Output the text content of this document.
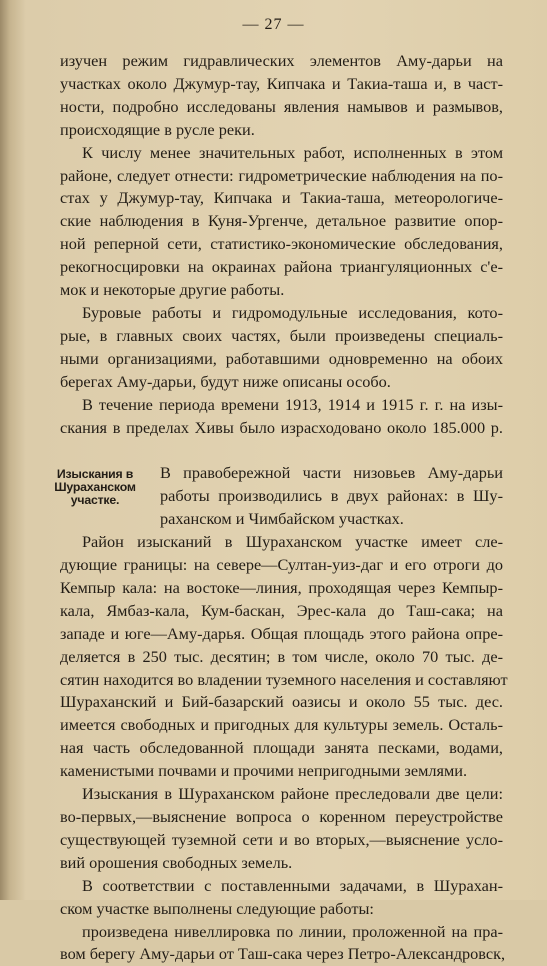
— 27 —
изучен режим гидравлических элементов Аму-дарьи на
участках около Джумур-тау, Кипчака и Такиа-таша и, в част-
ности, подробно исследованы явления намывов и размывов,
происходящие в русле реки.
К числу менее значительных работ, исполненных в этом
районе, следует отнести: гидрометрические наблюдения на по-
стах у Джумур-тау, Кипчака и Такиа-таша, метеорологиче-
ские наблюдения в Куня-Ургенче, детальное развитие опор-
ной реперной сети, статистико-экономические обследования,
рекогносцировки на окраинах района триангуляционных с'е-
мок и некоторые другие работы.
Буровые работы и гидромодульные исследования, кото-
рые, в главных своих частях, были произведены специаль-
ными организациями, работавшими одновременно на обоих
берегах Аму-дарьи, будут ниже описаны особо.
В течение периода времени 1913, 1914 и 1915 г. г. на изы-
скания в пределах Хивы было израсходовано около 185.000 р.
Изыскания в
Шураханском
участке.
В правобережной части низовьев Аму-дарьи
работы производились в двух районах: в Шу-
раханском и Чимбайском участках.
Район изысканий в Шураханском участке имеет сле-
дующие границы: на севере—Султан-уиз-даг и его отроги до
Кемпыр кала: на востоке—линия, проходящая через Кемпыр-
кала, Ямбаз-кала, Кум-баскан, Эрес-кала до Таш-сака; на
западе и юге—Аму-дарья. Общая площадь этого района опре-
деляется в 250 тыс. десятин; в том числе, около 70 тыс. де-
сятин находится во владении туземного населения и составляют
Шураханский и Бий-базарский оазисы и около 55 тыс. дес.
имеется свободных и пригодных для культуры земель. Осталь-
ная часть обследованной площади занята песками, водами,
каменистыми почвами и прочими непригодными землями.
Изыскания в Шураханском районе преследовали две цели:
во-первых,—выяснение вопроса о коренном переустройстве
существующей туземной сети и во вторых,—выяснение усло-
вий орошения свободных земель.
В соответствии с поставленными задачами, в Шурахан-
ском участке выполнены следующие работы:
произведена нивеллировка по линии, проложенной на пра-
вом берегу Аму-дарьи от Таш-сака через Петро-Александровск,
